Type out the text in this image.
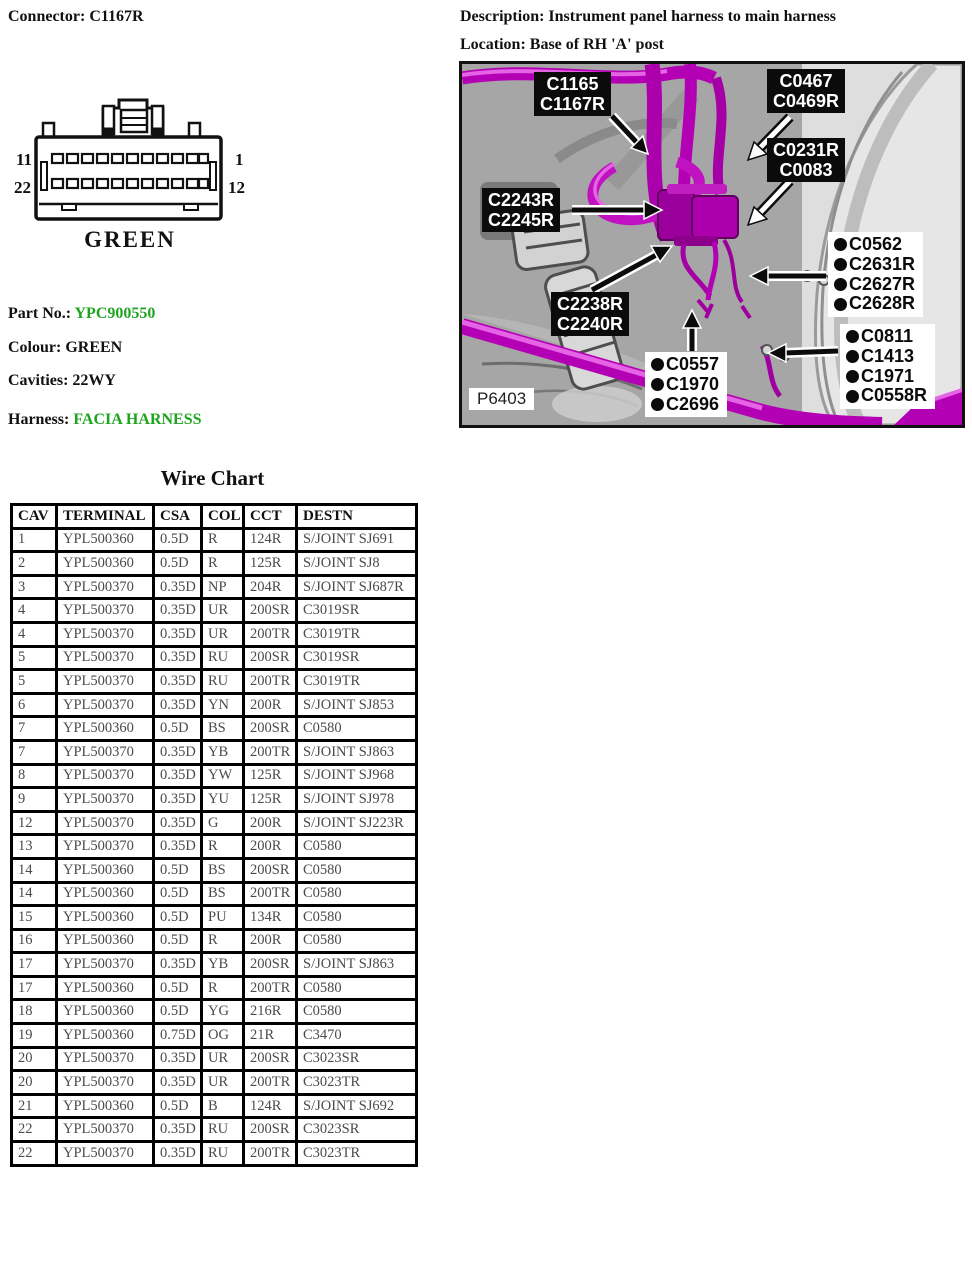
Connector: C1167R
11
22
1
12
GREEN
Part No.: YPC900550
Colour: GREEN
Cavities: 22WY
Harness: FACIA HARNESS
Description: Instrument panel harness to main harness
Location: Base of RH 'A' post
C1165
C1167R
C0467
C0469R
C0231R
C0083
C2243R
C2245R
C2238R
C2240R
C0562
C2631R
C2627R
C2628R
C0811
C1413
C1971
C0558R
C0557
C1970
C2696
P6403
Wire Chart
CAV	TERMINAL	CSA	COL	CCT	DESTN
1	YPL500360	0.5D	R	124R	S/JOINT SJ691
2	YPL500360	0.5D	R	125R	S/JOINT SJ8
3	YPL500370	0.35D	NP	204R	S/JOINT SJ687R
4	YPL500370	0.35D	UR	200SR	C3019SR
4	YPL500370	0.35D	UR	200TR	C3019TR
5	YPL500370	0.35D	RU	200SR	C3019SR
5	YPL500370	0.35D	RU	200TR	C3019TR
6	YPL500370	0.35D	YN	200R	S/JOINT SJ853
7	YPL500360	0.5D	BS	200SR	C0580
7	YPL500370	0.35D	YB	200TR	S/JOINT SJ863
8	YPL500370	0.35D	YW	125R	S/JOINT SJ968
9	YPL500370	0.35D	YU	125R	S/JOINT SJ978
12	YPL500370	0.35D	G	200R	S/JOINT SJ223R
13	YPL500370	0.35D	R	200R	C0580
14	YPL500360	0.5D	BS	200SR	C0580
14	YPL500360	0.5D	BS	200TR	C0580
15	YPL500360	0.5D	PU	134R	C0580
16	YPL500360	0.5D	R	200R	C0580
17	YPL500370	0.35D	YB	200SR	S/JOINT SJ863
17	YPL500360	0.5D	R	200TR	C0580
18	YPL500360	0.5D	YG	216R	C0580
19	YPL500360	0.75D	OG	21R	C3470
20	YPL500370	0.35D	UR	200SR	C3023SR
20	YPL500370	0.35D	UR	200TR	C3023TR
21	YPL500360	0.5D	B	124R	S/JOINT SJ692
22	YPL500370	0.35D	RU	200SR	C3023SR
22	YPL500370	0.35D	RU	200TR	C3023TR
